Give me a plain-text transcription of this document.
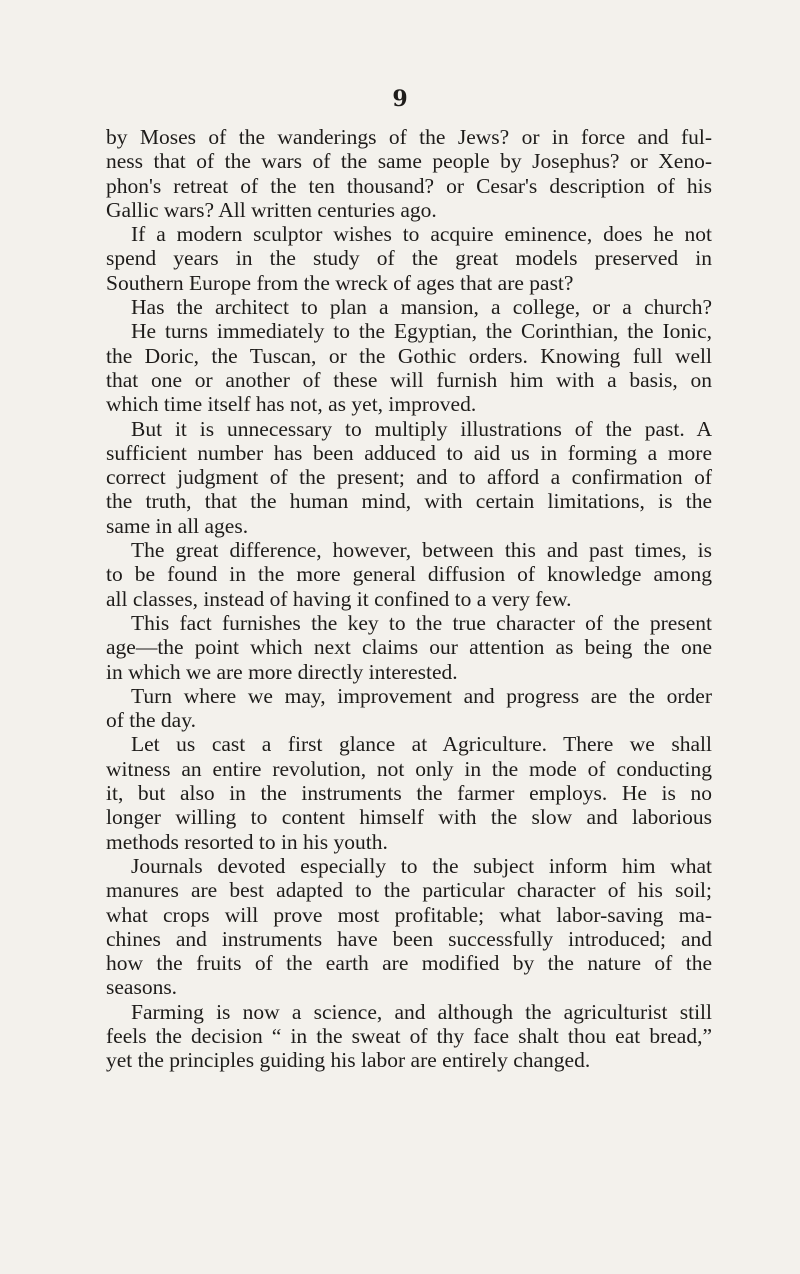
9
by Moses of the wanderings of the Jews? or in force and ful-
ness that of the wars of the same people by Josephus? or Xeno-
phon's retreat of the ten thousand? or Cesar's description of his
Gallic wars? All written centuries ago.
If a modern sculptor wishes to acquire eminence, does he not
spend years in the study of the great models preserved in
Southern Europe from the wreck of ages that are past?
Has the architect to plan a mansion, a college, or a church?
He turns immediately to the Egyptian, the Corinthian, the Ionic,
the Doric, the Tuscan, or the Gothic orders. Knowing full well
that one or another of these will furnish him with a basis, on
which time itself has not, as yet, improved.
But it is unnecessary to multiply illustrations of the past. A
sufficient number has been adduced to aid us in forming a more
correct judgment of the present; and to afford a confirmation of
the truth, that the human mind, with certain limitations, is the
same in all ages.
The great difference, however, between this and past times, is
to be found in the more general diffusion of knowledge among
all classes, instead of having it confined to a very few.
This fact furnishes the key to the true character of the present
age—the point which next claims our attention as being the one
in which we are more directly interested.
Turn where we may, improvement and progress are the order
of the day.
Let us cast a first glance at Agriculture. There we shall
witness an entire revolution, not only in the mode of conducting
it, but also in the instruments the farmer employs. He is no
longer willing to content himself with the slow and laborious
methods resorted to in his youth.
Journals devoted especially to the subject inform him what
manures are best adapted to the particular character of his soil;
what crops will prove most profitable; what labor-saving ma-
chines and instruments have been successfully introduced; and
how the fruits of the earth are modified by the nature of the
seasons.
Farming is now a science, and although the agriculturist still
feels the decision “ in the sweat of thy face shalt thou eat bread,”
yet the principles guiding his labor are entirely changed.
